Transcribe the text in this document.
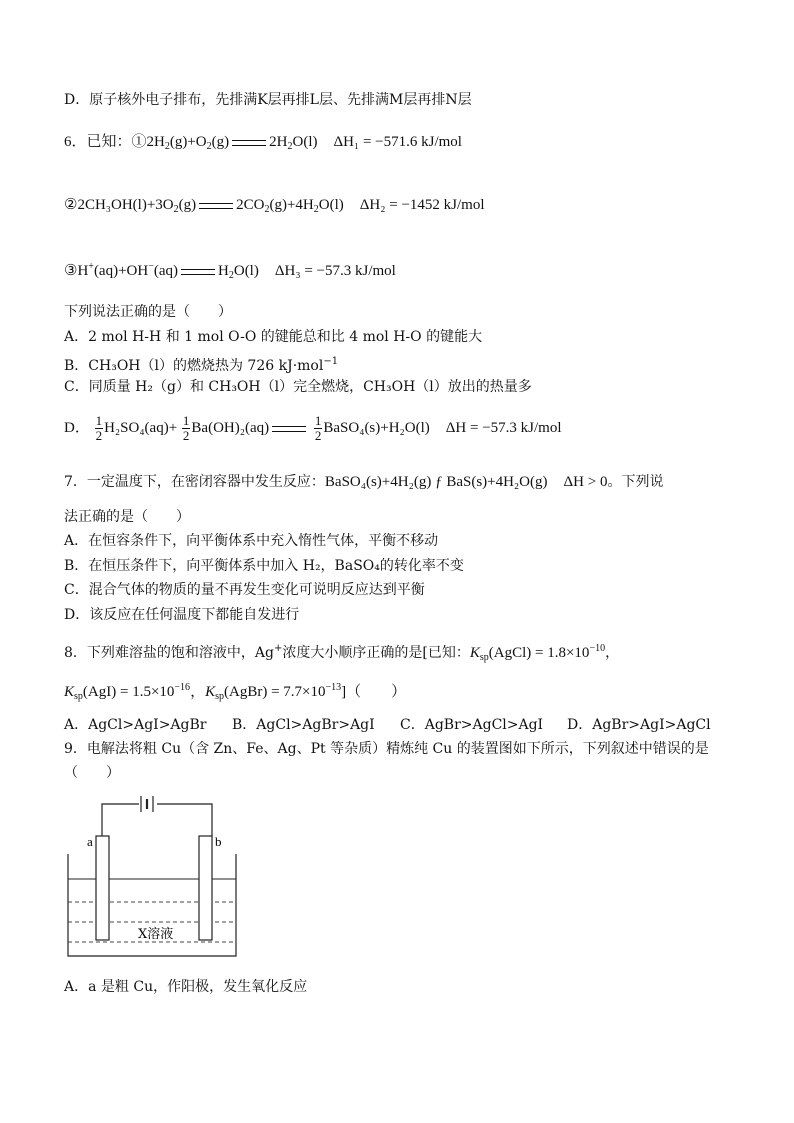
D．原子核外电子排布，先排满K层再排L层、先排满M层再排N层
6．已知：$①2H_2(g)+O_2(g)$	$2H_2O(l) \Delta H_1 = -571.6$ kJ/mol
$②2CH_3OH(l)+3O_2(g)$	$2CO_2(g)+4H_2O(l) \Delta H_2 = -1452$ kJ/mol
③H+(aq)+OH−(aq)	$H_2O(l) \Delta H_3 = -57.3$ kJ/mol
下列说法正确的是（　　）
A．2 mol H-H 和 1 mol O-O 的键能总和比 4 mol H-O 的键能大
B．CH₃OH（l）的燃烧热为 726 kJ·mol$^{-1}$
C．同质量 H₂（g）和 CH₃OH（l）完全燃烧，CH₃OH（l）放出的热量多
D． $\frac{1}{2} H_2SO_4(aq)+ \frac{1}{2} Ba(OH)_2(aq)$	$\frac{1}{2}$ BaSO₄(s)+H₂O(l) ΔH = −57.3 kJ/mol
7．一定温度下，在密闭容器中发生反应：BaSO₄(s)+4H₂(g) ƒ BaS(s)+4H₂O(g) ΔH > 0。下列说
法正确的是（　　）
A．在恒容条件下，向平衡体系中充入惰性气体，平衡不移动
B．在恒压条件下，向平衡体系中加入 H₂，BaSO₄的转化率不变
C．混合气体的物质的量不再发生变化可说明反应达到平衡
D．该反应在任何温度下都能自发进行
8．下列难溶盐的饱和溶液中，Ag+浓度大小顺序正确的是[已知：$K_{sp}(AgCl) = 1.8\times 10^{-10}$，
$K_{sp}(AgI) = 1.5\times 10^{-16}$，$K_{sp}(AgBr) = 7.7\times 10^{-13}$]（　　）
A．AgCl>AgI>AgBr B．AgCl>AgBr>AgI C．AgBr>AgCl>AgI D．AgBr>AgI>AgCl
9．电解法将粗 Cu（含 Zn、Fe、Ag、Pt 等杂质）精炼纯 Cu 的装置图如下所示，下列叙述中错误的是
（　　）
a	b
X溶液
A．a 是粗 Cu，作阳极，发生氧化反应
